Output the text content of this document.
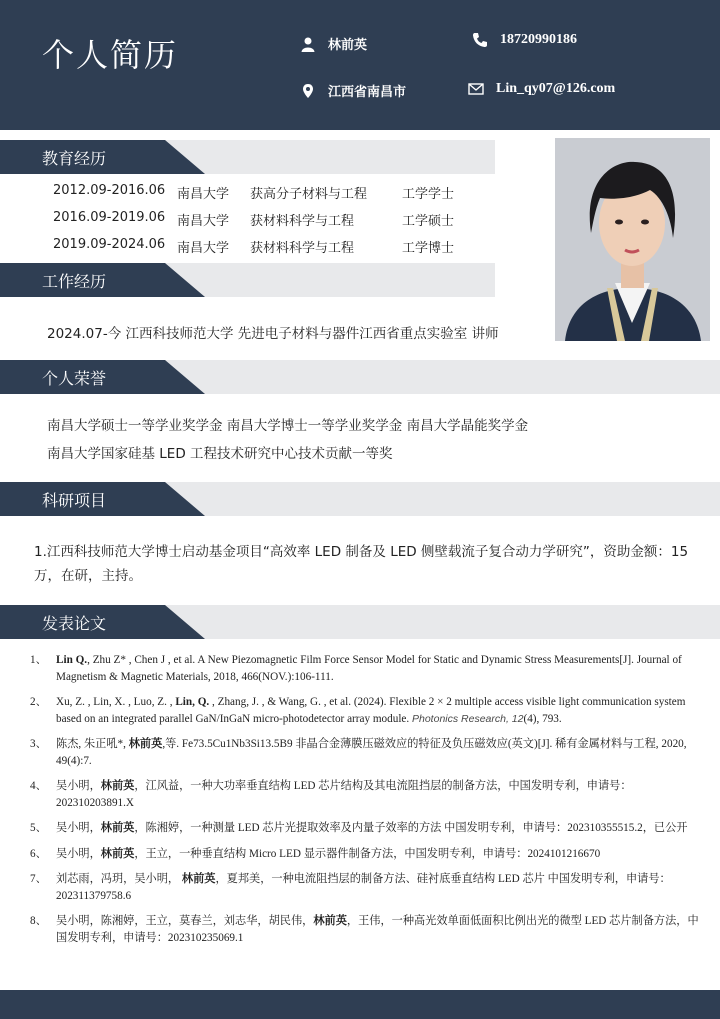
个人简历	林前英	18720990186
江西省南昌市	Lin_qy07@126.com
教育经历
2012.09-2016.06 南昌大学 获高分子材料与工程	工学学士
2016.09-2019.06 南昌大学 获材料科学与工程	工学硕士
2019.09-2024.06 南昌大学 获材料科学与工程	工学博士
工作经历
2024.07-今 江西科技师范大学 先进电子材料与器件江西省重点实验室 讲师
个人荣誉
南昌大学硕士一等学业奖学金 南昌大学博士一等学业奖学金 南昌大学晶能奖学金
南昌大学国家硅基 LED 工程技术研究中心技术贡献一等奖
科研项目
1.江西科技师范大学博士启动基金项目“高效率 LED 制备及 LED 侧壁载流子复合动力学研究”，资助金额：15 万，在研，主持。
发表论文
1、 Lin Q., Zhu Z* , Chen J , et al. A New Piezomagnetic Film Force Sensor Model for Static and Dynamic Stress Measurements[J]. Journal of Magnetism & Magnetic Materials, 2018, 466(NOV.):106-111.
2、 Xu, Z. , Lin, X. , Luo, Z. , Lin, Q. , Zhang, J. , & Wang, G. , et al. (2024). Flexible 2 × 2 multiple access visible light communication system based on an integrated parallel GaN/InGaN micro-photodetector array module. Photonics Research, 12(4), 793.
3、 陈杰, 朱正吼*, 林前英,等. Fe73.5Cu1Nb3Si13.5B9 非晶合金薄膜压磁效应的特征及负压磁效应(英文)[J]. 稀有金属材料与工程, 2020, 49(4):7.
4、 吴小明，林前英，江风益，一种大功率垂直结构 LED 芯片结构及其电流阻挡层的制备方法，中国发明专利，申请号：202310203891.X
5、 吴小明，林前英，陈湘婷，一种测量 LED 芯片光提取效率及内量子效率的方法 中国发明专利，申请号：202310355515.2，已公开
6、 吴小明，林前英，王立，一种垂直结构 Micro LED 显示器件制备方法，中国发明专利，申请号：2024101216670
7、 刘芯雨，冯玥，吴小明， 林前英，夏邦美，一种电流阻挡层的制备方法、硅衬底垂直结构 LED 芯片 中国发明专利，申请号：202311379758.6
8、 吴小明，陈湘婷，王立，莫春兰，刘志华，胡民伟，林前英，王伟，一种高光效单面低面积比例出光的微型 LED 芯片制备方法，中国发明专利，申请号：202310235069.1
